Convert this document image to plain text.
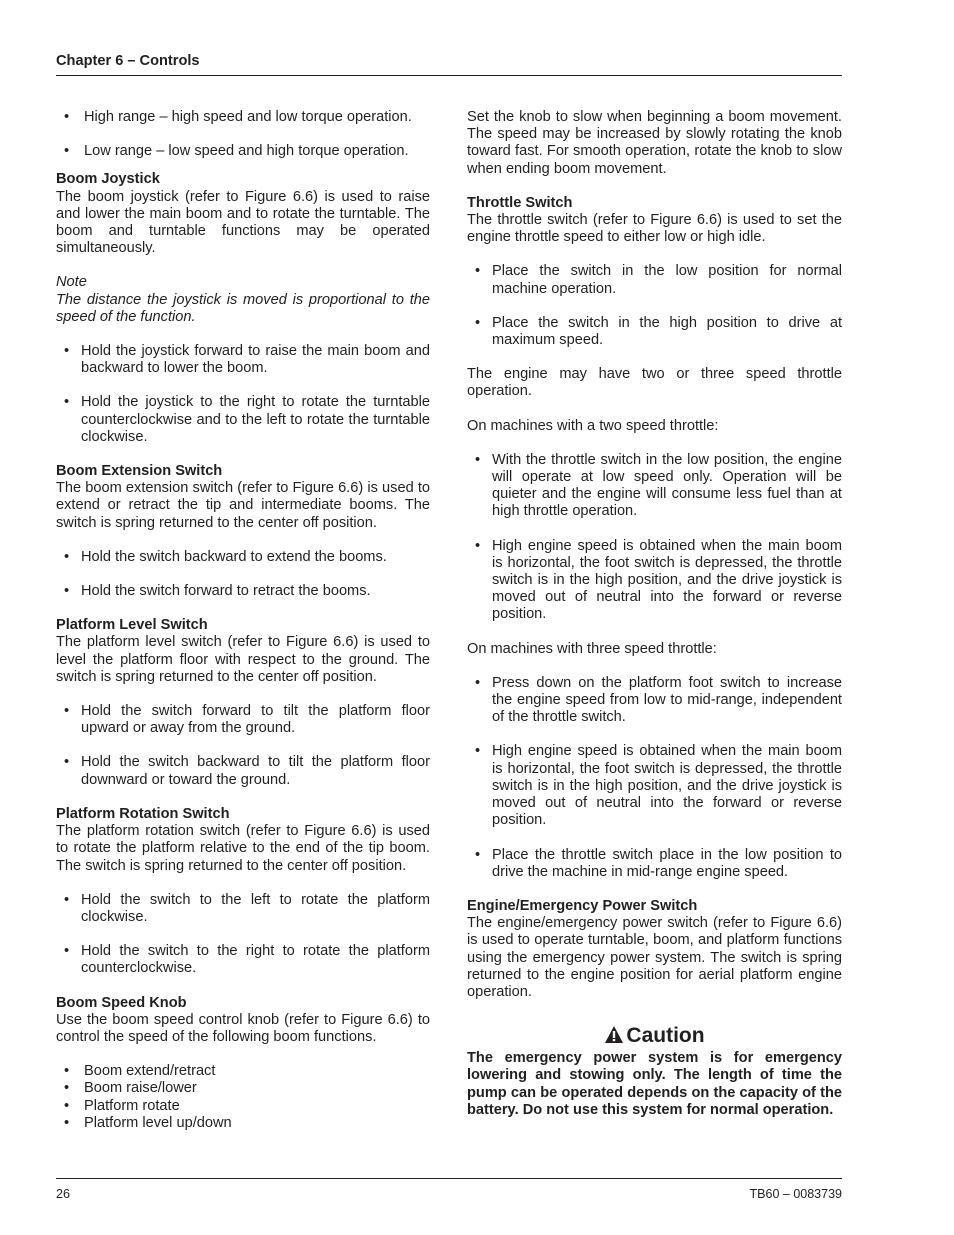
Chapter 6 – Controls
• High range – high speed and low torque operation.
• Low range – low speed and high torque operation.
Boom Joystick

The boom joystick (refer to Figure 6.6) is used to raise and lower the main boom and to rotate the turntable. The boom and turntable functions may be operated simultaneously.

Note

The distance the joystick is moved is proportional to the speed of the function.

• Hold the joystick forward to raise the main boom and backward to lower the boom.
• Hold the joystick to the right to rotate the turntable counterclockwise and to the left to rotate the turntable clockwise.
Boom Extension Switch

The boom extension switch (refer to Figure 6.6) is used to extend or retract the tip and intermediate booms. The switch is spring returned to the center off position.

• Hold the switch backward to extend the booms.
• Hold the switch forward to retract the booms.
Platform Level Switch

The platform level switch (refer to Figure 6.6) is used to level the platform floor with respect to the ground. The switch is spring returned to the center off position.

• Hold the switch forward to tilt the platform floor upward or away from the ground.
• Hold the switch backward to tilt the platform floor downward or toward the ground.
Platform Rotation Switch

The platform rotation switch (refer to Figure 6.6) is used to rotate the platform relative to the end of the tip boom. The switch is spring returned to the center off position.

• Hold the switch to the left to rotate the platform clockwise.
• Hold the switch to the right to rotate the platform counterclockwise.
Boom Speed Knob

Use the boom speed control knob (refer to Figure 6.6) to control the speed of the following boom functions.

• Boom extend/retract
• Boom raise/lower
• Platform rotate
• Platform level up/down

Set the knob to slow when beginning a boom movement. The speed may be increased by slowly rotating the knob toward fast. For smooth operation, rotate the knob to slow when ending boom movement.

Throttle Switch

The throttle switch (refer to Figure 6.6) is used to set the engine throttle speed to either low or high idle.

• Place the switch in the low position for normal machine operation.
• Place the switch in the high position to drive at maximum speed.

The engine may have two or three speed throttle operation.

On machines with a two speed throttle:

• With the throttle switch in the low position, the engine will operate at low speed only. Operation will be quieter and the engine will consume less fuel than at high throttle operation.
• High engine speed is obtained when the main boom is horizontal, the foot switch is depressed, the throttle switch is in the high position, and the drive joystick is moved out of neutral into the forward or reverse position.

On machines with three speed throttle:

• Press down on the platform foot switch to increase the engine speed from low to mid-range, independent of the throttle switch.
• High engine speed is obtained when the main boom is horizontal, the foot switch is depressed, the throttle switch is in the high position, and the drive joystick is moved out of neutral into the forward or reverse position.
• Place the throttle switch place in the low position to drive the machine in mid-range engine speed.
Engine/Emergency Power Switch

The engine/emergency power switch (refer to Figure 6.6) is used to operate turntable, boom, and platform functions using the emergency power system. The switch is spring returned to the engine position for aerial platform engine operation.

Caution

The emergency power system is for emergency lowering and stowing only. The length of time the pump can be operated depends on the capacity of the battery. Do not use this system for normal operation.

26	TB60 – 0083739
